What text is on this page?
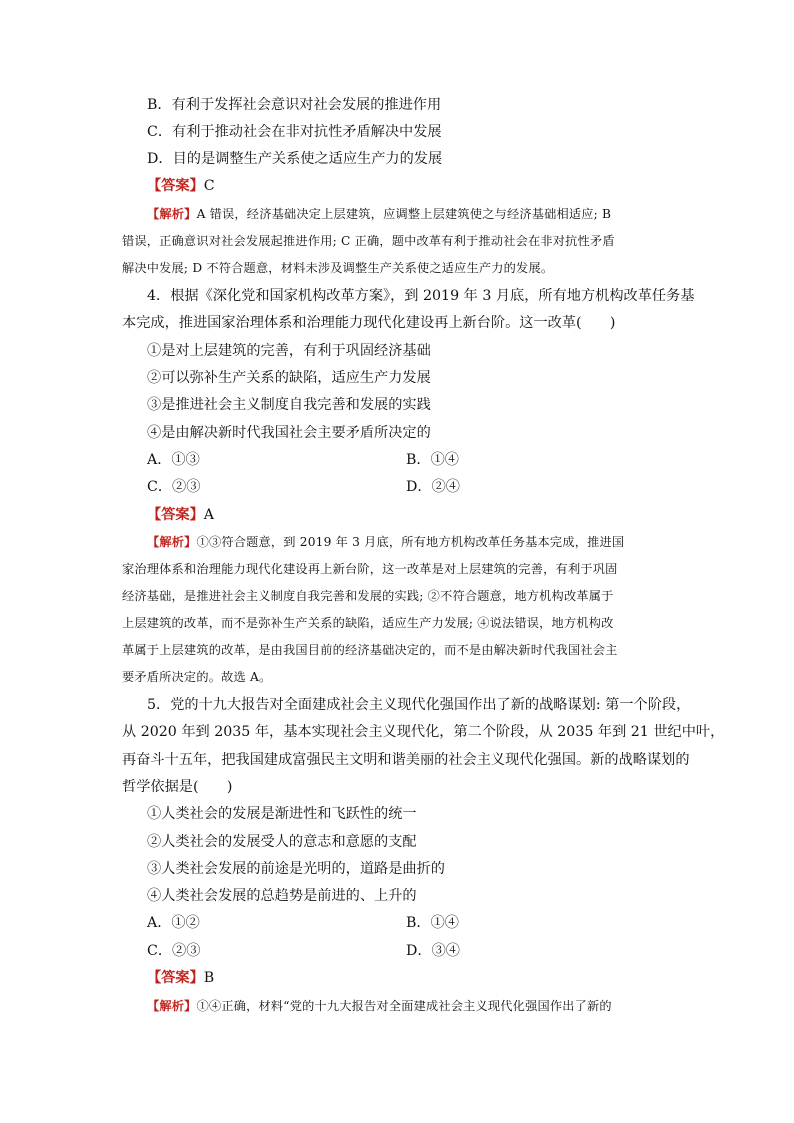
B．有利于发挥社会意识对社会发展的推进作用
C．有利于推动社会在非对抗性矛盾解决中发展
D．目的是调整生产关系使之适应生产力的发展
【答案】C
【解析】A 错误，经济基础决定上层建筑，应调整上层建筑使之与经济基础相适应; B
错误，正确意识对社会发展起推进作用; C 正确，题中改革有利于推动社会在非对抗性矛盾
解决中发展; D 不符合题意，材料未涉及调整生产关系使之适应生产力的发展。
4．根据《深化党和国家机构改革方案》，到 2019 年 3 月底，所有地方机构改革任务基
本完成，推进国家治理体系和治理能力现代化建设再上新台阶。这一改革(　　)
①是对上层建筑的完善，有利于巩固经济基础
②可以弥补生产关系的缺陷，适应生产力发展
③是推进社会主义制度自我完善和发展的实践
④是由解决新时代我国社会主要矛盾所决定的
A．①③	B．①④
C．②③	D．②④
【答案】A
【解析】①③符合题意，到 2019 年 3 月底，所有地方机构改革任务基本完成，推进国
家治理体系和治理能力现代化建设再上新台阶，这一改革是对上层建筑的完善，有利于巩固
经济基础，是推进社会主义制度自我完善和发展的实践; ②不符合题意，地方机构改革属于
上层建筑的改革，而不是弥补生产关系的缺陷，适应生产力发展; ④说法错误，地方机构改
革属于上层建筑的改革，是由我国目前的经济基础决定的，而不是由解决新时代我国社会主
要矛盾所决定的。故选 A。
5．党的十九大报告对全面建成社会主义现代化强国作出了新的战略谋划: 第一个阶段，
从 2020 年到 2035 年，基本实现社会主义现代化，第二个阶段，从 2035 年到 21 世纪中叶，
再奋斗十五年，把我国建成富强民主文明和谐美丽的社会主义现代化强国。新的战略谋划的
哲学依据是(　　)
①人类社会的发展是渐进性和飞跃性的统一
②人类社会的发展受人的意志和意愿的支配
③人类社会发展的前途是光明的，道路是曲折的
④人类社会发展的总趋势是前进的、上升的
A．①②	B．①④
C．②③	D．③④
【答案】B
【解析】①④正确，材料“党的十九大报告对全面建成社会主义现代化强国作出了新的
